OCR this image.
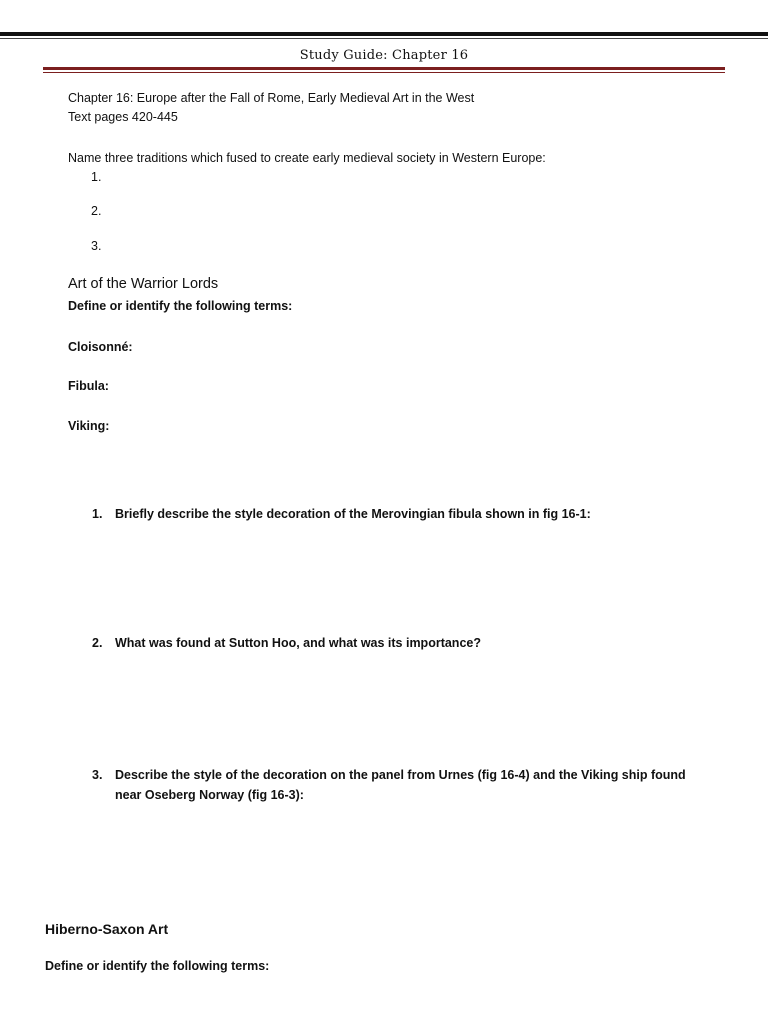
Study Guide: Chapter 16
Chapter 16: Europe after the Fall of Rome, Early Medieval Art in the West
Text pages 420-445
Name three traditions which fused to create early medieval society in Western Europe:
1.
2.
3.
Art of the Warrior Lords
Define or identify the following terms:
Cloisonné:
Fibula:
Viking:
1. Briefly describe the style decoration of the Merovingian fibula shown in fig 16-1:
2. What was found at Sutton Hoo, and what was its importance?
3. Describe the style of the decoration on the panel from Urnes (fig 16-4) and the Viking ship found near Oseberg Norway (fig 16-3):
Hiberno-Saxon Art
Define or identify the following terms:
